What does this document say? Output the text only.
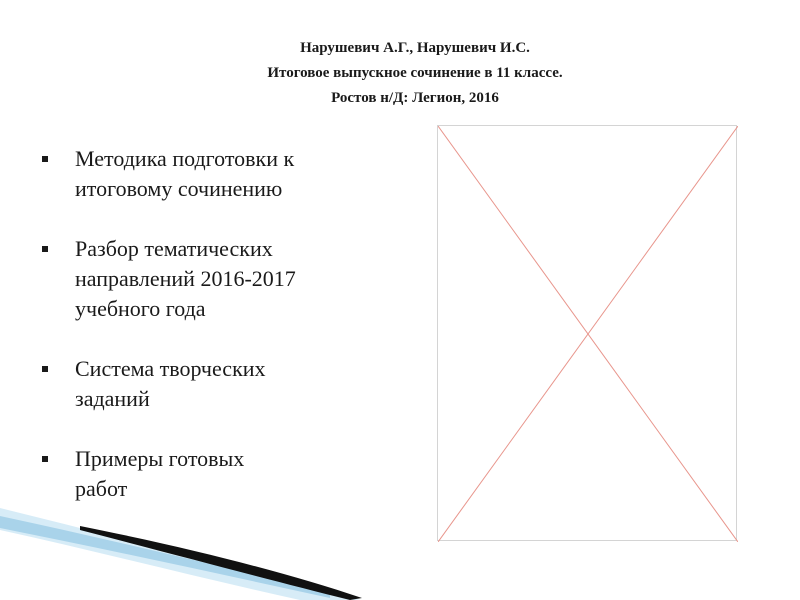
Нарушевич А.Г., Нарушевич И.С.
Итоговое выпускное сочинение в 11 классе.
Ростов н/Д: Легион, 2016
Методика подготовки к
итоговому сочинению
Разбор тематических
направлений 2016-2017
учебного года
Система творческих
заданий
Примеры готовых
работ
